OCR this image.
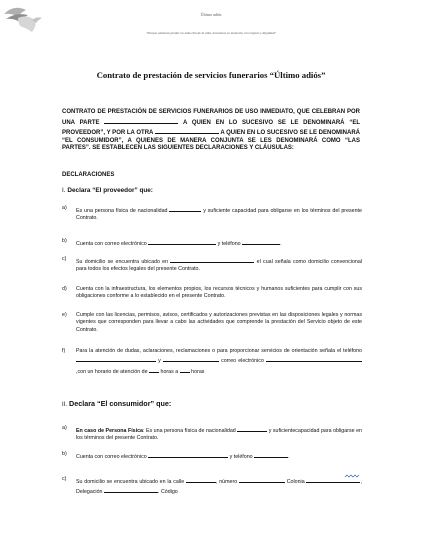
Último adiós
"Porque sabemos perder no toda ella de la vida, honramos su memoria con respeto y dignidad"
Contrato de prestación de servicios funerarios “Último adiós”
CONTRATO DE PRESTACIÓN DE SERVICIOS FUNERARIOS DE USO INMEDIATO, QUE CELEBRAN POR UNA PARTE	A QUIEN EN LO SUCESIVO SE LE DENOMINARÁ “EL PROVEEDOR”, Y POR LA OTRA	A QUIEN EN LO SUCESIVO SE LE DENOMINARÁ “EL CONSUMIDOR”, A QUIENES DE MANERA CONJUNTA SE LES DENOMINARÁ COMO “LAS PARTES”. SE ESTABLECEN LAS SIGUIENTES DECLARACIONES Y CLÁUSULAS:
DECLARACIONES
I. Declara “El proveedor” que:
a) Es una persona física de nacionalidad	y suficiente capacidad para obligarse en los términos del presente Contrato.
b) Cuenta con correo electrónico	y teléfono	.
c) Su domicilio se encuentra ubicado en	el cual señala como domicilio convencional para todos los efectos legales del presente Contrato.
d) Cuenta con la infraestructura, los elementos propios, los recursos técnicos y humanos suficientes para cumplir con sus obligaciones conforme a lo establecido en el presente Contrato.
e) Cumple con las licencias, permisos, avisos, certificados y autorizaciones previstas en las disposiciones legales y normas vigentes que corresponden para llevar a cabo las actividades que comprende la prestación del Servicio objeto de este Contrato.
f) Para la atención de dudas, aclaraciones, reclamaciones o para proporcionar servicios de orientación señala el teléfono  y	correo electrónico ,con un horario de atención de horas a horas
II. Declara “El consumidor” que:
a) En caso de Persona Física: Es una persona física de nacionalidad	y suficientecapacidad para obligarse en los términos del presente Contrato.
b) Cuenta con correo electrónico	y teléfono	.
c) Su domicilio se encuentra ubicado en la calle	, número	Colonia	, Delegación	. Código
